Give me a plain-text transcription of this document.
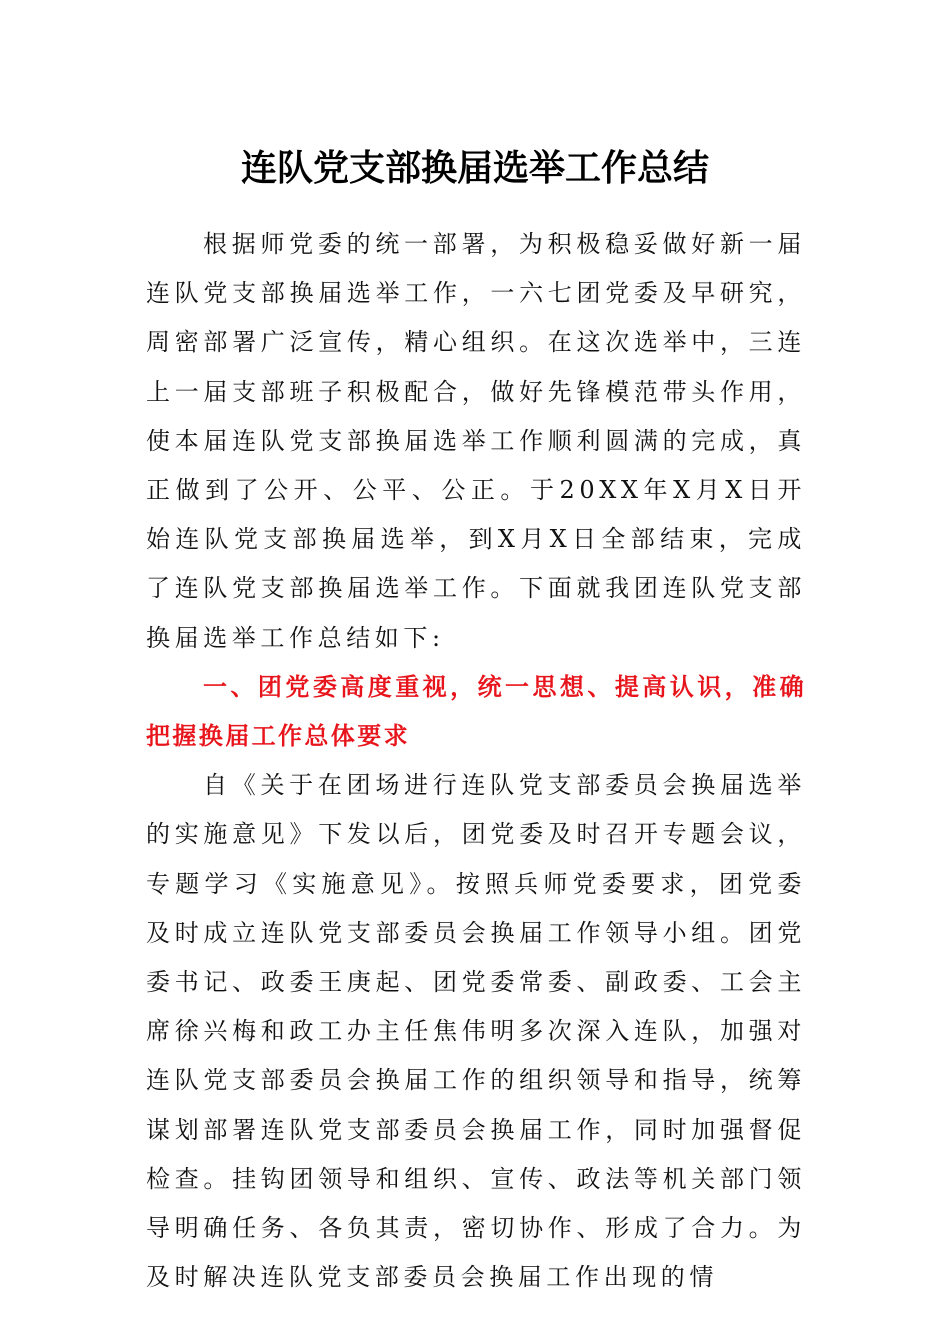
连队党支部换届选举工作总结

根据师党委的统一部署，为积极稳妥做好新一届连队党支部换届选举工作，一六七团党委及早研究，周密部署广泛宣传，精心组织。在这次选举中，三连上一届支部班子积极配合，做好先锋模范带头作用，使本届连队党支部换届选举工作顺利圆满的完成，真正做到了公开、公平、公正。于20XX年X月X日开始连队党支部换届选举，到X月X日全部结束，完成了连队党支部换届选举工作。下面就我团连队党支部换届选举工作总结如下:

一、团党委高度重视，统一思想、提高认识，准确把握换届工作总体要求

自《关于在团场进行连队党支部委员会换届选举的实施意见》下发以后，团党委及时召开专题会议，专题学习《实施意见》。按照兵师党委要求，团党委及时成立连队党支部委员会换届工作领导小组。团党委书记、政委王庚起、团党委常委、副政委、工会主席徐兴梅和政工办主任焦伟明多次深入连队，加强对连队党支部委员会换届工作的组织领导和指导，统筹谋划部署连队党支部委员会换届工作，同时加强督促检查。挂钩团领导和组织、宣传、政法等机关部门领导明确任务、各负其责，密切协作、形成了合力。为及时解决连队党支部委员会换届工作出现的情
